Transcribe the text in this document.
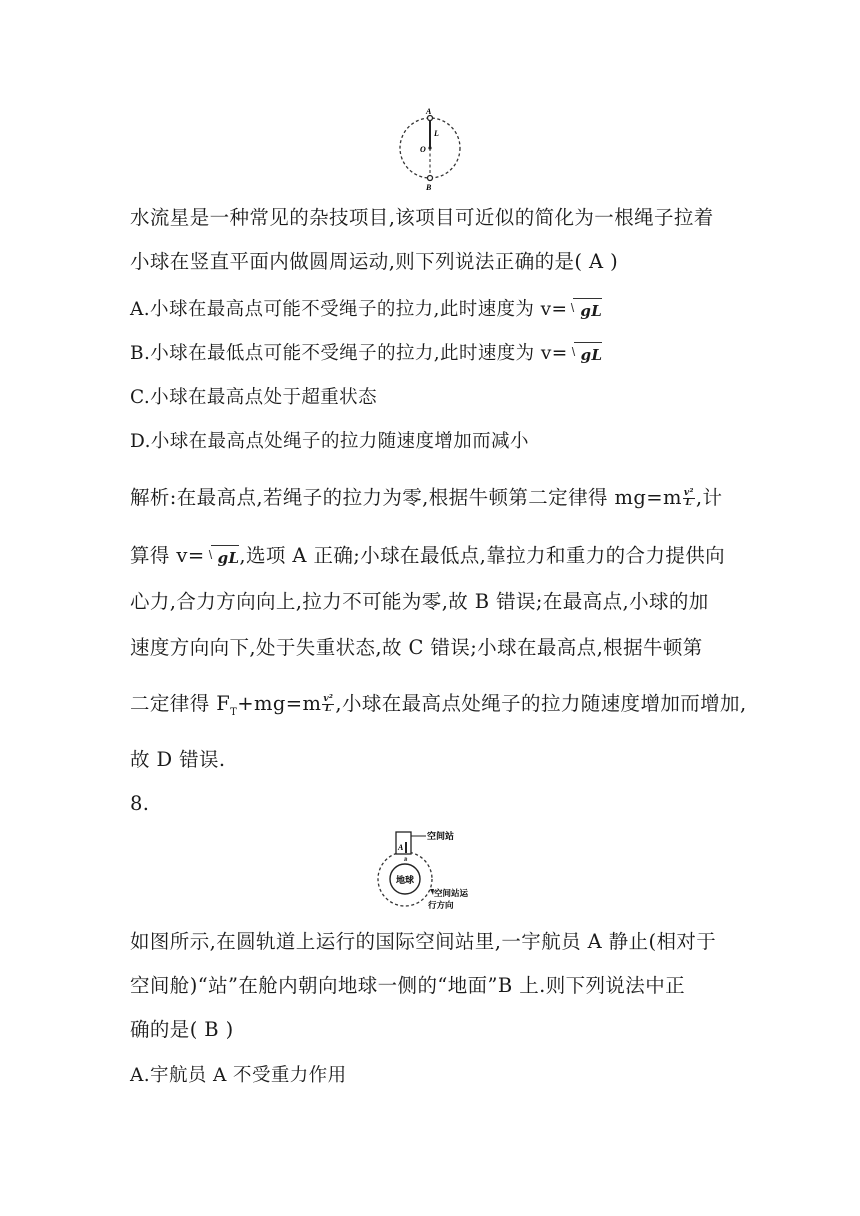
A
L
O
B
水流星是一种常见的杂技项目,该项目可近似的简化为一根绳子拉着
小球在竖直平面内做圆周运动,则下列说法正确的是( A )
A.小球在最高点可能不受绳子的拉力,此时速度为 v= gL
B.小球在最低点可能不受绳子的拉力,此时速度为 v= gL
C.小球在最高点处于超重状态
D.小球在最高点处绳子的拉力随速度增加而减小
解析:在最高点,若绳子的拉力为零,根据牛顿第二定律得 $mg=m \frac{\text{v²}}{L}$ ,计
算得 v= gL,选项 A 正确;小球在最低点,靠拉力和重力的合力提供向
心力,合力方向向上,拉力不可能为零,故 B 错误;在最高点,小球的加
速度方向向下,处于失重状态,故 C 错误;小球在最高点,根据牛顿第
二定律得 $F_T+mg=m \frac{\text{v²}}{L}$ ,小球在最高点处绳子的拉力随速度增加而增加,
故 D 错误.
8.
地球
空间站
A
B
空间站运
行方向
如图所示,在圆轨道上运行的国际空间站里,一宇航员 A 静止(相对于
空间舱)“站”在舱内朝向地球一侧的“地面”B 上.则下列说法中正
确的是( B )
A.宇航员 A 不受重力作用
